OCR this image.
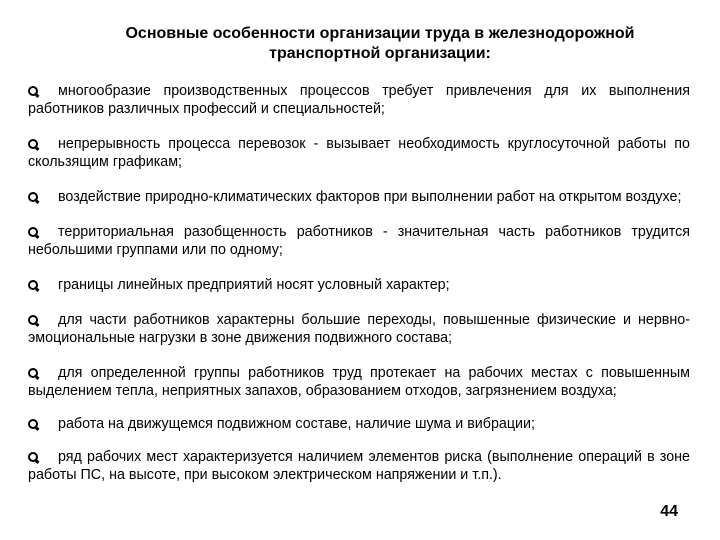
Основные особенности организации труда в железнодорожной
транспортной организации:
многообразие производственных процессов требует привлечения для их выполнения работников различных профессий и специальностей;
непрерывность процесса перевозок - вызывает необходимость круглосуточной работы по скользящим графикам;
воздействие природно-климатических факторов при выполнении работ на открытом воздухе;
территориальная разобщенность работников - значительная часть работников трудится небольшими группами или по одному;
границы линейных предприятий носят условный характер;
для части работников характерны большие переходы, повышенные физические и нервно-эмоциональные нагрузки в зоне движения подвижного состава;
для определенной группы работников труд протекает на рабочих местах с повышенным выделением тепла, неприятных запахов, образованием отходов, загрязнением воздуха;
работа на движущемся подвижном составе, наличие шума и вибрации;
ряд рабочих мест характеризуется наличием элементов риска (выполнение операций в зоне работы ПС, на высоте, при высоком электрическом напряжении и т.п.).
44
